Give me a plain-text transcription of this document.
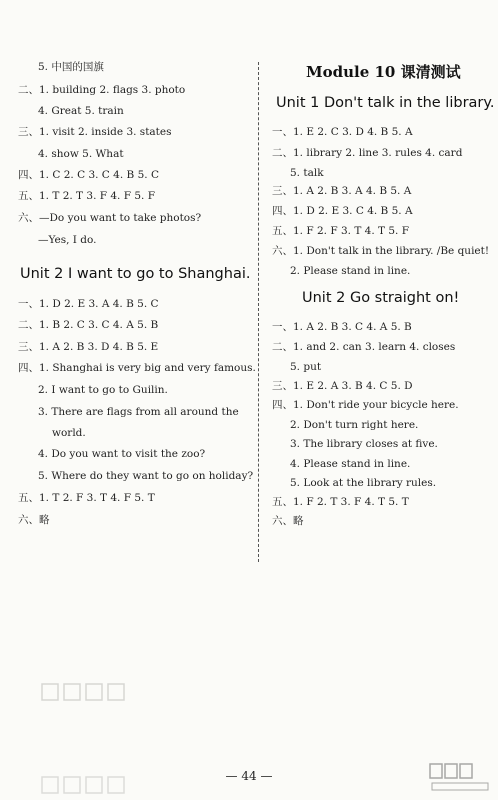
5. 中国的国旗
二、1. building 2. flags 3. photo
4. Great 5. train
三、1. visit 2. inside 3. states
4. show 5. What
四、1. C 2. C 3. C 4. B 5. C
五、1. T 2. T 3. F 4. F 5. F
六、—Do you want to take photos?
—Yes, I do.
Unit 2 I want to go to Shanghai.
一、1. D 2. E 3. A 4. B 5. C
二、1. B 2. C 3. C 4. A 5. B
三、1. A 2. B 3. D 4. B 5. E
四、1. Shanghai is very big and very famous.
2. I want to go to Guilin.
3. There are flags from all around the
world.
4. Do you want to visit the zoo?
5. Where do they want to go on holiday?
五、1. T 2. F 3. T 4. F 5. T
六、略
Module 10 课清测试
Unit 1 Don't talk in the library.
一、1. E 2. C 3. D 4. B 5. A
二、1. library 2. line 3. rules 4. card
5. talk
三、1. A 2. B 3. A 4. B 5. A
四、1. D 2. E 3. C 4. B 5. A
五、1. F 2. F 3. T 4. T 5. F
六、1. Don't talk in the library. /Be quiet!
2. Please stand in line.
Unit 2 Go straight on!
一、1. A 2. B 3. C 4. A 5. B
二、1. and 2. can 3. learn 4. closes
5. put
三、1. E 2. A 3. B 4. C 5. D
四、1. Don't ride your bicycle here.
2. Don't turn right here.
3. The library closes at five.
4. Please stand in line.
5. Look at the library rules.
五、1. F 2. T 3. F 4. T 5. T
六、略
— 44 —
